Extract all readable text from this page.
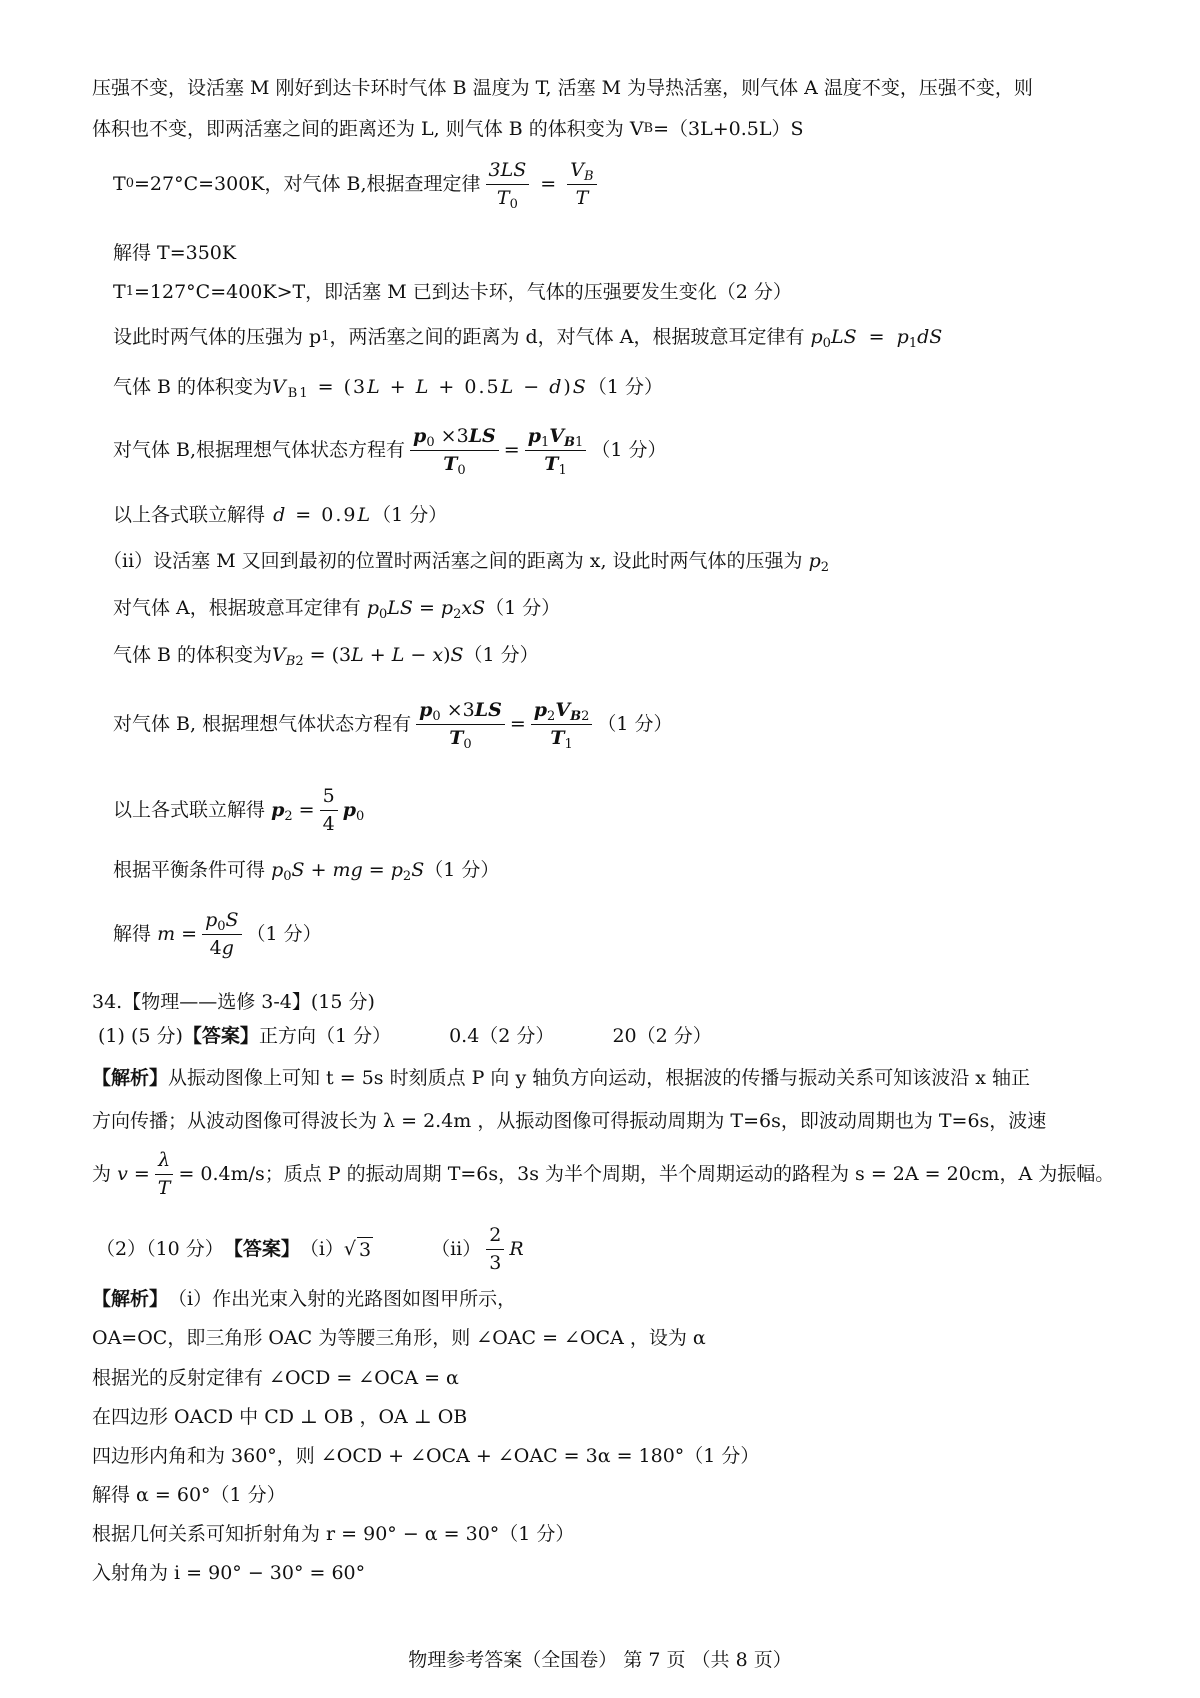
压强不变，设活塞 M 刚好到达卡环时气体 B 温度为 T, 活塞 M 为导热活塞，则气体 A 温度不变，压强不变，则
体积也不变，即两活塞之间的距离还为 L, 则气体 B 的体积变为 V B =（3L+0.5L）S
T 0 =27°C=300K，对气体 B,根据查理定律 $\frac{3LS}{T_0} = \frac{V_B}{T}$
解得 T=350K
T 1 =127°C=400K>T，即活塞 M 已到达卡环，气体的压强要发生变化（2 分）
设此时两气体的压强为 p 1 ，两活塞之间的距离为 d，对气体 A，根据玻意耳定律有 $p_0LS = p_1dS$
气体 B 的体积变为 $V_{B1} = (3L + L + 0.5L - d)S$ （1 分）
对气体 B,根据理想气体状态方程有 $\frac{p_0 \times 3LS}{T_0} = \frac{p_1V_{B1}}{T_1} (1$ 分）
以上各式联立解得 d = 0.9L （1 分）
（ii）设活塞 M 又回到最初的位置时两活塞之间的距离为 x, 设此时两气体的压强为 $p_2$
对气体 A，根据玻意耳定律有 $p_0LS = p_2xS$ （1 分）
气体 B 的体积变为 $V_{B2} = (3L + L - x)S$ （1 分）
对气体 B, 根据理想气体状态方程有 $\frac{p_0 \times 3LS}{T_0} = \frac{p_2V_{B2}}{T_1} (1$ 分）
以上各式联立解得 $p_2 = \frac{5}{4} p_0$
根据平衡条件可得 $p_0S$ + mg = $p_2S$ （1 分）
解得 $m = \frac{p_0S}{4g} (1$ 分）
34.【物理——选修 3-4】(15 分)
(1) (5 分) 【答案】 正方向（1 分）	0.4（2 分）	20（2 分）
【解析】 从振动图像上可知 t = 5s 时刻质点 P 向 y 轴负方向运动，根据波的传播与振动关系可知该波沿 x 轴正
方向传播；从波动图像可得波长为 λ = 2.4m ，从振动图像可得振动周期为 T=6s，即波动周期也为 T=6s，波速
为 $v = \frac{\lambda}{T} = 0.4m/s$；质点 P 的振动周期 T=6s，3s 为半个周期，半个周期运动的路程为 s = 2A = 20cm，A 为振幅。
（2）（10 分） 【答案】 （i） √ 3	$(ii) \frac{2}{3}$ R
【解析】 （i）作出光束入射的光路图如图甲所示，
OA=OC，即三角形 OAC 为等腰三角形，则 ∠OAC = ∠OCA ，设为 α
根据光的反射定律有 ∠OCD = ∠OCA = α
在四边形 OACD 中 CD ⊥ OB ，OA ⊥ OB
四边形内角和为 360°，则 ∠OCD + ∠OCA + ∠OAC = 3α = 180°（1 分）
解得 α = 60°（1 分）
根据几何关系可知折射角为 r = 90° − α = 30°（1 分）
入射角为 i = 90° − 30° = 60°
物理参考答案（全国卷） 第 7 页 （共 8 页）
